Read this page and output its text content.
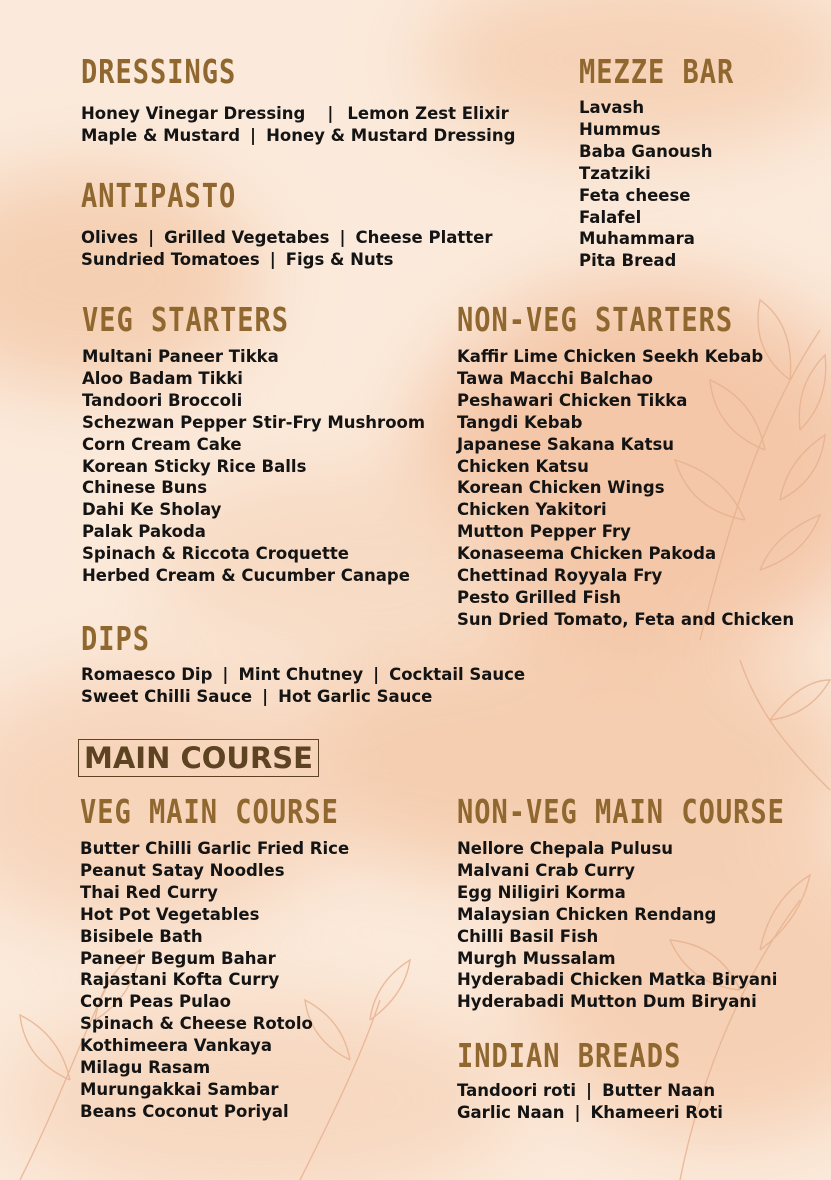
DRESSINGS
Honey Vinegar Dressing | Lemon Zest Elixir
Maple & Mustard | Honey & Mustard Dressing
MEZZE BAR
Lavash
Hummus
Baba Ganoush
Tzatziki
Feta cheese
Falafel
Muhammara
Pita Bread
ANTIPASTO
Olives | Grilled Vegetabes | Cheese Platter
Sundried Tomatoes | Figs & Nuts
VEG STARTERS
Multani Paneer Tikka
Aloo Badam Tikki
Tandoori Broccoli
Schezwan Pepper Stir-Fry Mushroom
Corn Cream Cake
Korean Sticky Rice Balls
Chinese Buns
Dahi Ke Sholay
Palak Pakoda
Spinach & Riccota Croquette
Herbed Cream & Cucumber Canape
NON-VEG STARTERS
Kaffir Lime Chicken Seekh Kebab
Tawa Macchi Balchao
Peshawari Chicken Tikka
Tangdi Kebab
Japanese Sakana Katsu
Chicken Katsu
Korean Chicken Wings
Chicken Yakitori
Mutton Pepper Fry
Konaseema Chicken Pakoda
Chettinad Royyala Fry
Pesto Grilled Fish
Sun Dried Tomato, Feta and Chicken
DIPS
Romaesco Dip | Mint Chutney | Cocktail Sauce
Sweet Chilli Sauce | Hot Garlic Sauce
MAIN COURSE
VEG MAIN COURSE
Butter Chilli Garlic Fried Rice
Peanut Satay Noodles
Thai Red Curry
Hot Pot Vegetables
Bisibele Bath
Paneer Begum Bahar
Rajastani Kofta Curry
Corn Peas Pulao
Spinach & Cheese Rotolo
Kothimeera Vankaya
Milagu Rasam
Murungakkai Sambar
Beans Coconut Poriyal
NON-VEG MAIN COURSE
Nellore Chepala Pulusu
Malvani Crab Curry
Egg Niligiri Korma
Malaysian Chicken Rendang
Chilli Basil Fish
Murgh Mussalam
Hyderabadi Chicken Matka Biryani
Hyderabadi Mutton Dum Biryani
INDIAN BREADS
Tandoori roti | Butter Naan
Garlic Naan | Khameeri Roti
